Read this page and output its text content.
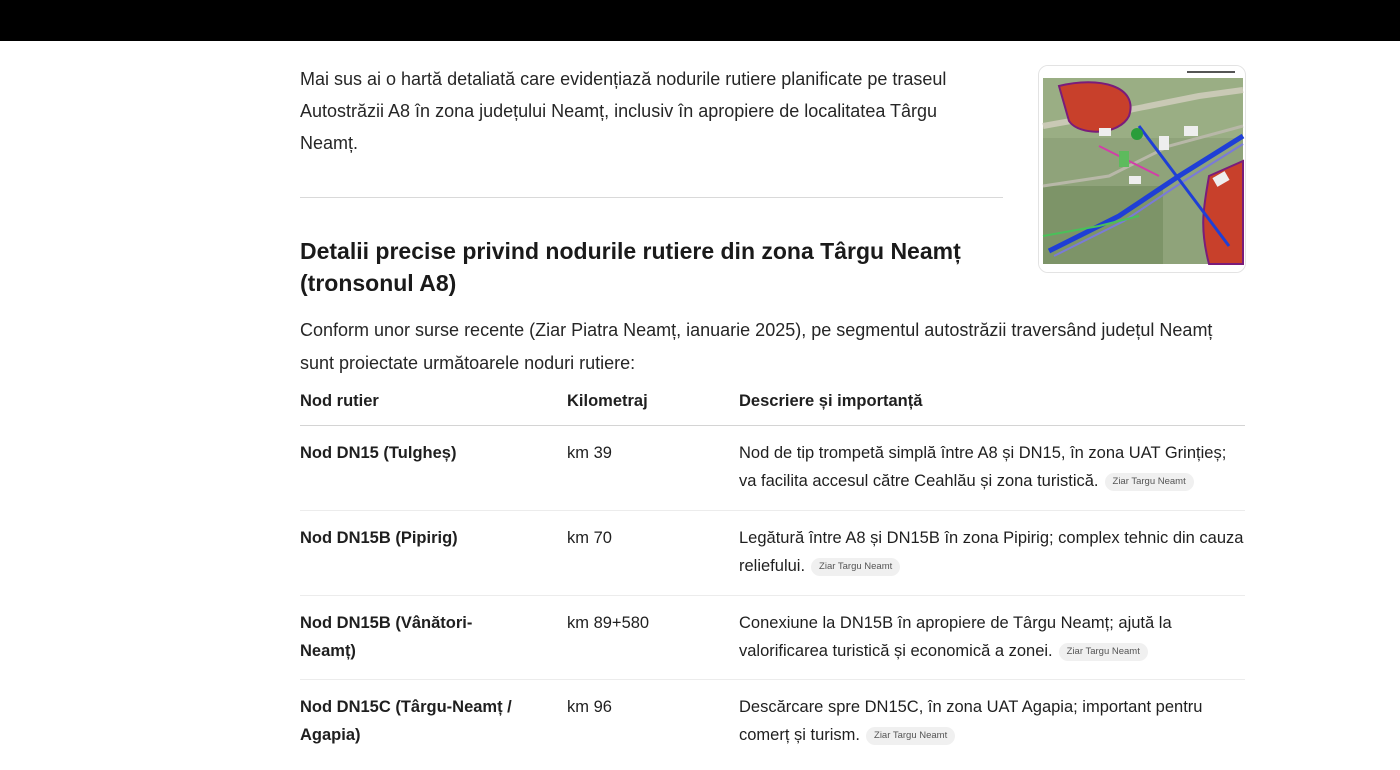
Mai sus ai o hartă detaliată care evidențiază nodurile rutiere planificate pe traseul Autostrăzii A8 în zona județului Neamț, inclusiv în apropiere de localitatea Târgu Neamț.

Detalii precise privind nodurile rutiere din zona Târgu Neamț (tronsonul A8)

Conform unor surse recente (Ziar Piatra Neamț, ianuarie 2025), pe segmentul autostrăzii traversând județul Neamț sunt proiectate următoarele noduri rutiere:

Nod rutier	Kilometraj	Descriere și importanță
Nod DN15 (Tulgheș)	km 39	Nod de tip trompetă simplă între A8 și DN15, în zona UAT Grințieș; va facilita accesul către Ceahlău și zona turistică. Ziar Targu Neamt
Nod DN15B (Pipirig)	km 70	Legătură între A8 și DN15B în zona Pipirig; complex tehnic din cauza reliefului. Ziar Targu Neamt
Nod DN15B (Vânători-Neamț)	km 89+580	Conexiune la DN15B în apropiere de Târgu Neamț; ajută la valorificarea turistică și economică a zonei. Ziar Targu Neamt
Nod DN15C (Târgu-Neamț / Agapia)	km 96	Descărcare spre DN15C, în zona UAT Agapia; important pentru comerț și turism. Ziar Targu Neamt
